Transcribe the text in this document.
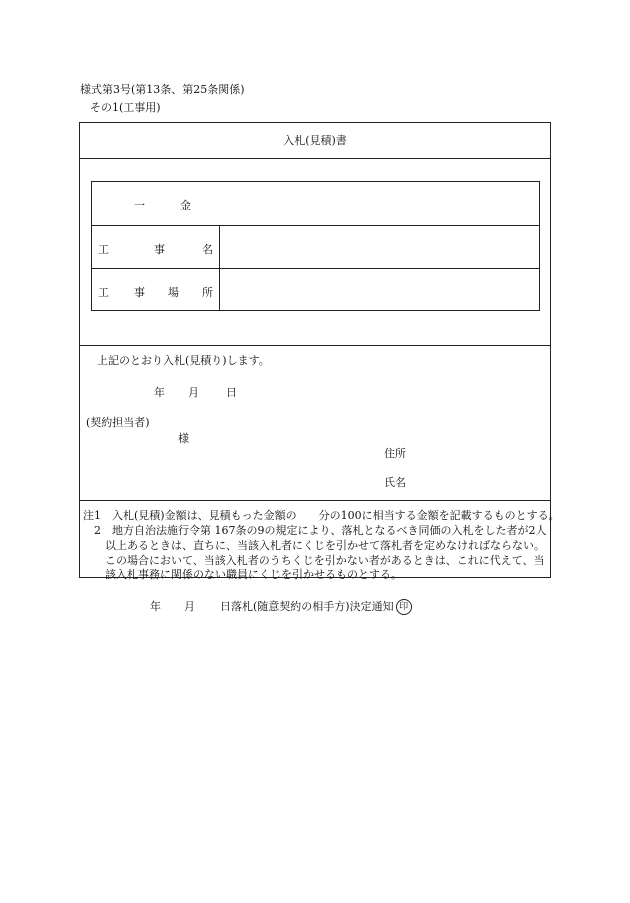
様式第3号(第13条、第25条関係)
その1(工事用)
入札(見積)書
一	金
工	事	名
工 事 場 所
上記のとおり入札(見積り)します。
年 月 日
(契約担当者)
様
住所
氏名
注1　入札(見積)金額は、見積もった金額の　　分の100に相当する金額を記載するものとする。
　2　地方自治法施行令第 167条の9の規定により、落札となるべき同価の入札をした者が2人
　　以上あるときは、直ちに、当該入札者にくじを引かせて落札者を定めなければならない。
　　この場合において、当該入札者のうちくじを引かない者があるときは、これに代えて、当
　　該入札事務に関係のない職員にくじを引かせるものとする。
年 月 日落札(随意契約の相手方)決定通知 印
